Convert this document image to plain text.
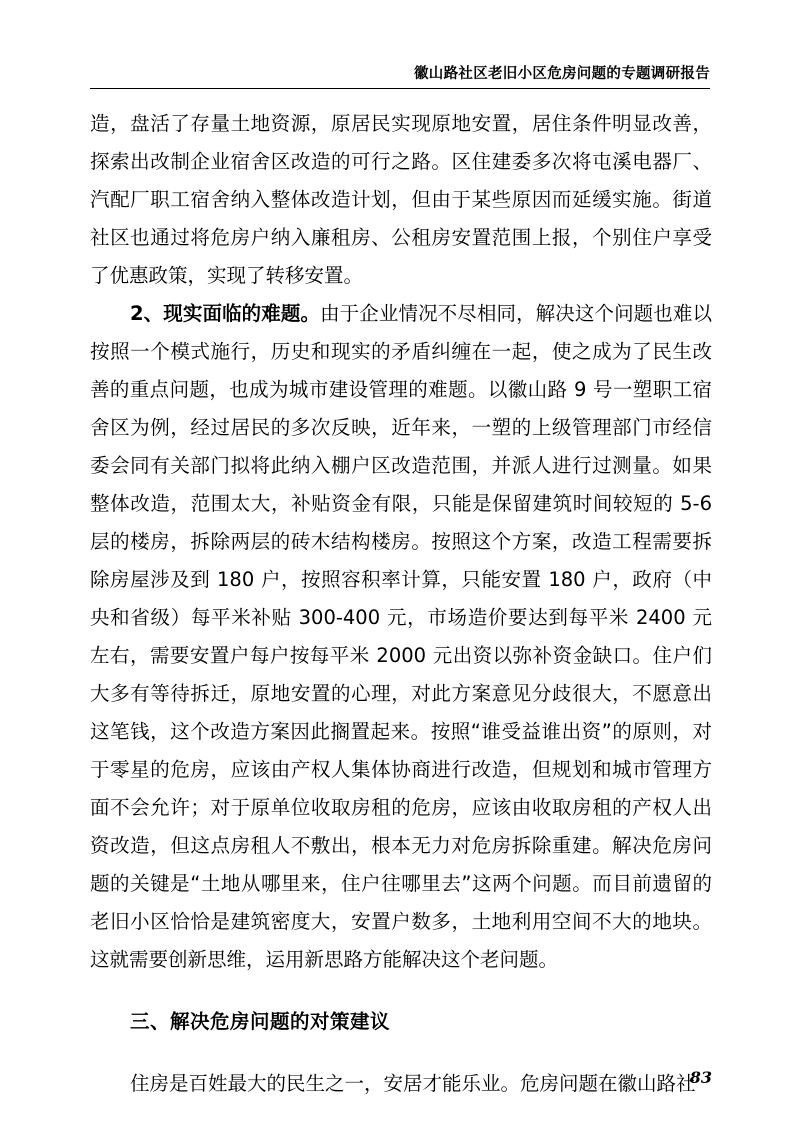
徽山路社区老旧小区危房问题的专题调研报告

造，盘活了存量土地资源，原居民实现原地安置，居住条件明显改善，探索出改制企业宿舍区改造的可行之路。区住建委多次将屯溪电器厂、汽配厂职工宿舍纳入整体改造计划，但由于某些原因而延缓实施。街道社区也通过将危房户纳入廉租房、公租房安置范围上报，个别住户享受了优惠政策，实现了转移安置。

2、现实面临的难题。由于企业情况不尽相同，解决这个问题也难以按照一个模式施行，历史和现实的矛盾纠缠在一起，使之成为了民生改善的重点问题，也成为城市建设管理的难题。以徽山路 9 号一塑职工宿舍区为例，经过居民的多次反映，近年来，一塑的上级管理部门市经信委会同有关部门拟将此纳入棚户区改造范围，并派人进行过测量。如果整体改造，范围太大，补贴资金有限，只能是保留建筑时间较短的 5-6 层的楼房，拆除两层的砖木结构楼房。按照这个方案，改造工程需要拆除房屋涉及到 180 户，按照容积率计算，只能安置 180 户，政府（中央和省级）每平米补贴 300-400 元，市场造价要达到每平米 2400 元左右，需要安置户每户按每平米 2000 元出资以弥补资金缺口。住户们大多有等待拆迁，原地安置的心理，对此方案意见分歧很大，不愿意出这笔钱，这个改造方案因此搁置起来。按照“谁受益谁出资”的原则，对于零星的危房，应该由产权人集体协商进行改造，但规划和城市管理方面不会允许；对于原单位收取房租的危房，应该由收取房租的产权人出资改造，但这点房租人不敷出，根本无力对危房拆除重建。解决危房问题的关键是“土地从哪里来，住户往哪里去”这两个问题。而目前遗留的老旧小区恰恰是建筑密度大，安置户数多，土地利用空间不大的地块。这就需要创新思维，运用新思路方能解决这个老问题。

三、解决危房问题的对策建议

住房是百姓最大的民生之一，安居才能乐业。危房问题在徽山路社

83
